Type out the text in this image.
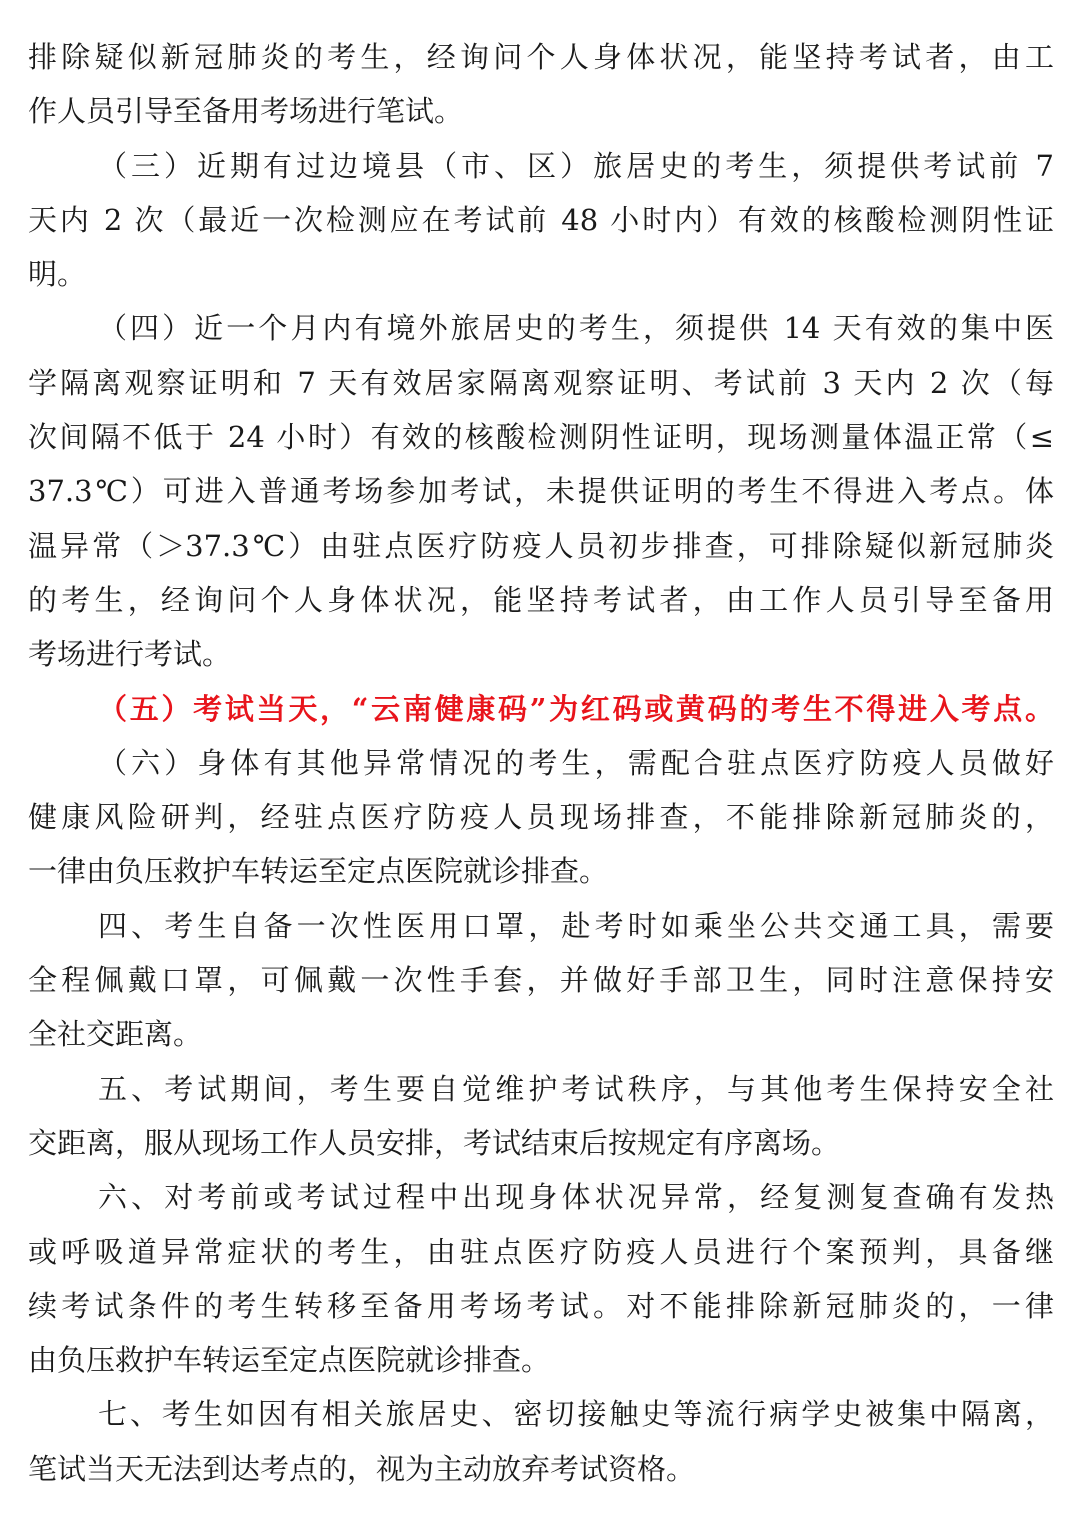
排除疑似新冠肺炎的考生，经询问个人身体状况，能坚持考试者，由工
作人员引导至备用考场进行笔试。
（三）近期有过边境县（市、区）旅居史的考生，须提供考试前 7
天内 2 次（最近一次检测应在考试前 48 小时内）有效的核酸检测阴性证
明。
（四）近一个月内有境外旅居史的考生，须提供 14 天有效的集中医
学隔离观察证明和 7 天有效居家隔离观察证明、考试前 3 天内 2 次（每
次间隔不低于 24 小时）有效的核酸检测阴性证明，现场测量体温正常（≤
37.3℃）可进入普通考场参加考试，未提供证明的考生不得进入考点。体
温异常（＞37.3℃）由驻点医疗防疫人员初步排查，可排除疑似新冠肺炎
的考生，经询问个人身体状况，能坚持考试者，由工作人员引导至备用
考场进行考试。
（五）考试当天，“云南健康码”为红码或黄码的考生不得进入考点。
（六）身体有其他异常情况的考生，需配合驻点医疗防疫人员做好
健康风险研判，经驻点医疗防疫人员现场排查，不能排除新冠肺炎的，
一律由负压救护车转运至定点医院就诊排查。
四、考生自备一次性医用口罩，赴考时如乘坐公共交通工具，需要
全程佩戴口罩，可佩戴一次性手套，并做好手部卫生，同时注意保持安
全社交距离。
五、考试期间，考生要自觉维护考试秩序，与其他考生保持安全社
交距离，服从现场工作人员安排，考试结束后按规定有序离场。
六、对考前或考试过程中出现身体状况异常，经复测复查确有发热
或呼吸道异常症状的考生，由驻点医疗防疫人员进行个案预判，具备继
续考试条件的考生转移至备用考场考试。对不能排除新冠肺炎的，一律
由负压救护车转运至定点医院就诊排查。
七、考生如因有相关旅居史、密切接触史等流行病学史被集中隔离，
笔试当天无法到达考点的，视为主动放弃考试资格。
